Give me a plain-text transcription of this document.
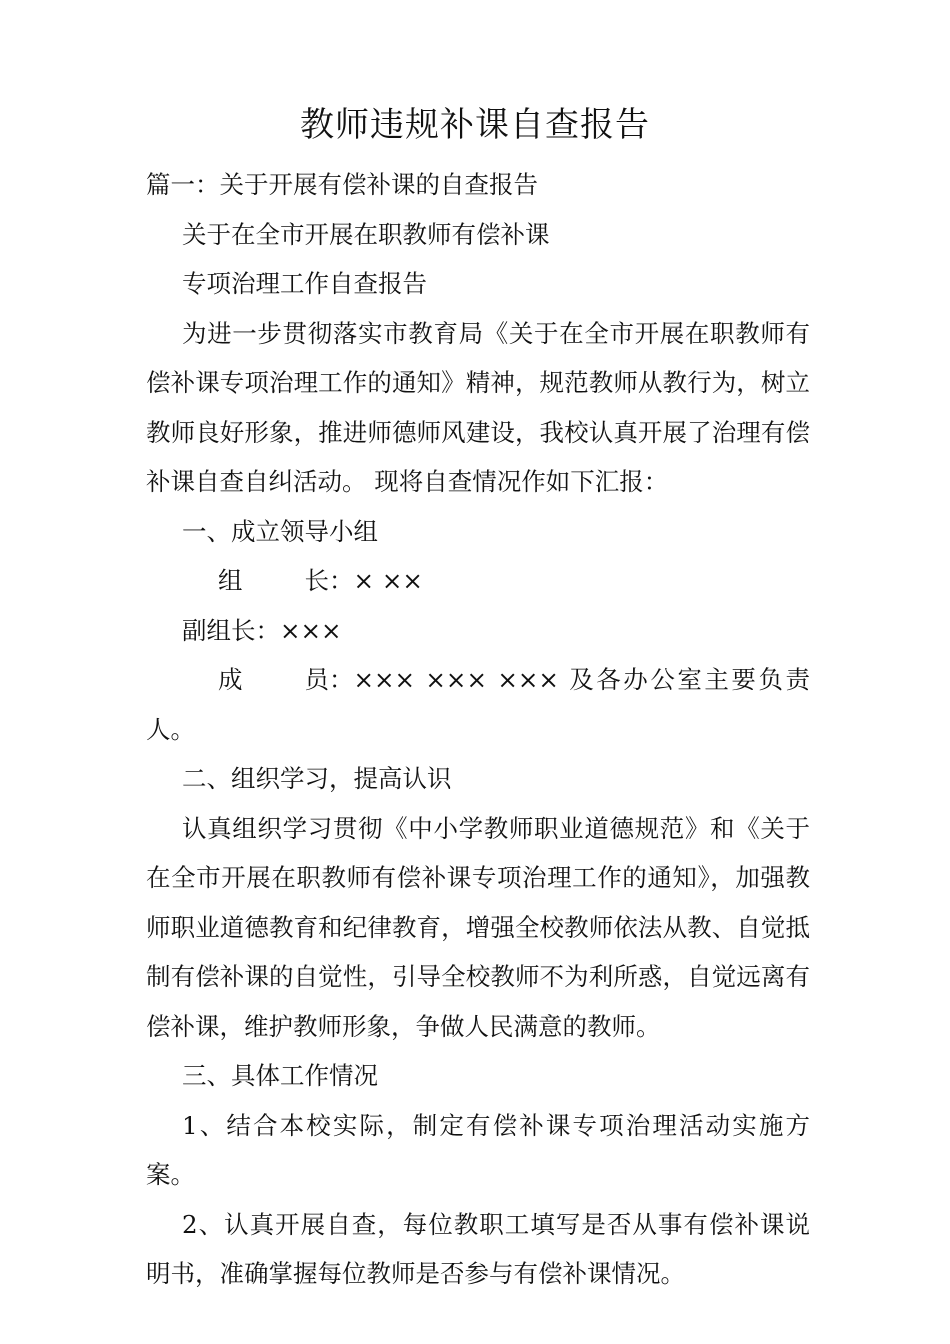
教师违规补课自查报告

篇一：关于开展有偿补课的自查报告

关于在全市开展在职教师有偿补课

专项治理工作自查报告

为进一步贯彻落实市教育局《关于在全市开展在职教师有偿补课专项治理工作的通知》精神，规范教师从教行为，树立教师良好形象，推进师德师风建设，我校认真开展了治理有偿补课自查自纠活动。 现将自查情况作如下汇报：

一、成立领导小组

组	长：× ××

副组长：×××

成	员：××× ××× ××× 及各办公室主要负责人。

二、组织学习，提高认识

认真组织学习贯彻《中小学教师职业道德规范》和《关于在全市开展在职教师有偿补课专项治理工作的通知》，加强教师职业道德教育和纪律教育，增强全校教师依法从教、自觉抵制有偿补课的自觉性，引导全校教师不为利所惑，自觉远离有偿补课，维护教师形象，争做人民满意的教师。

三、具体工作情况

1、结合本校实际，制定有偿补课专项治理活动实施方案。

2、认真开展自查，每位教职工填写是否从事有偿补课说明书，准确掌握每位教师是否参与有偿补课情况。
